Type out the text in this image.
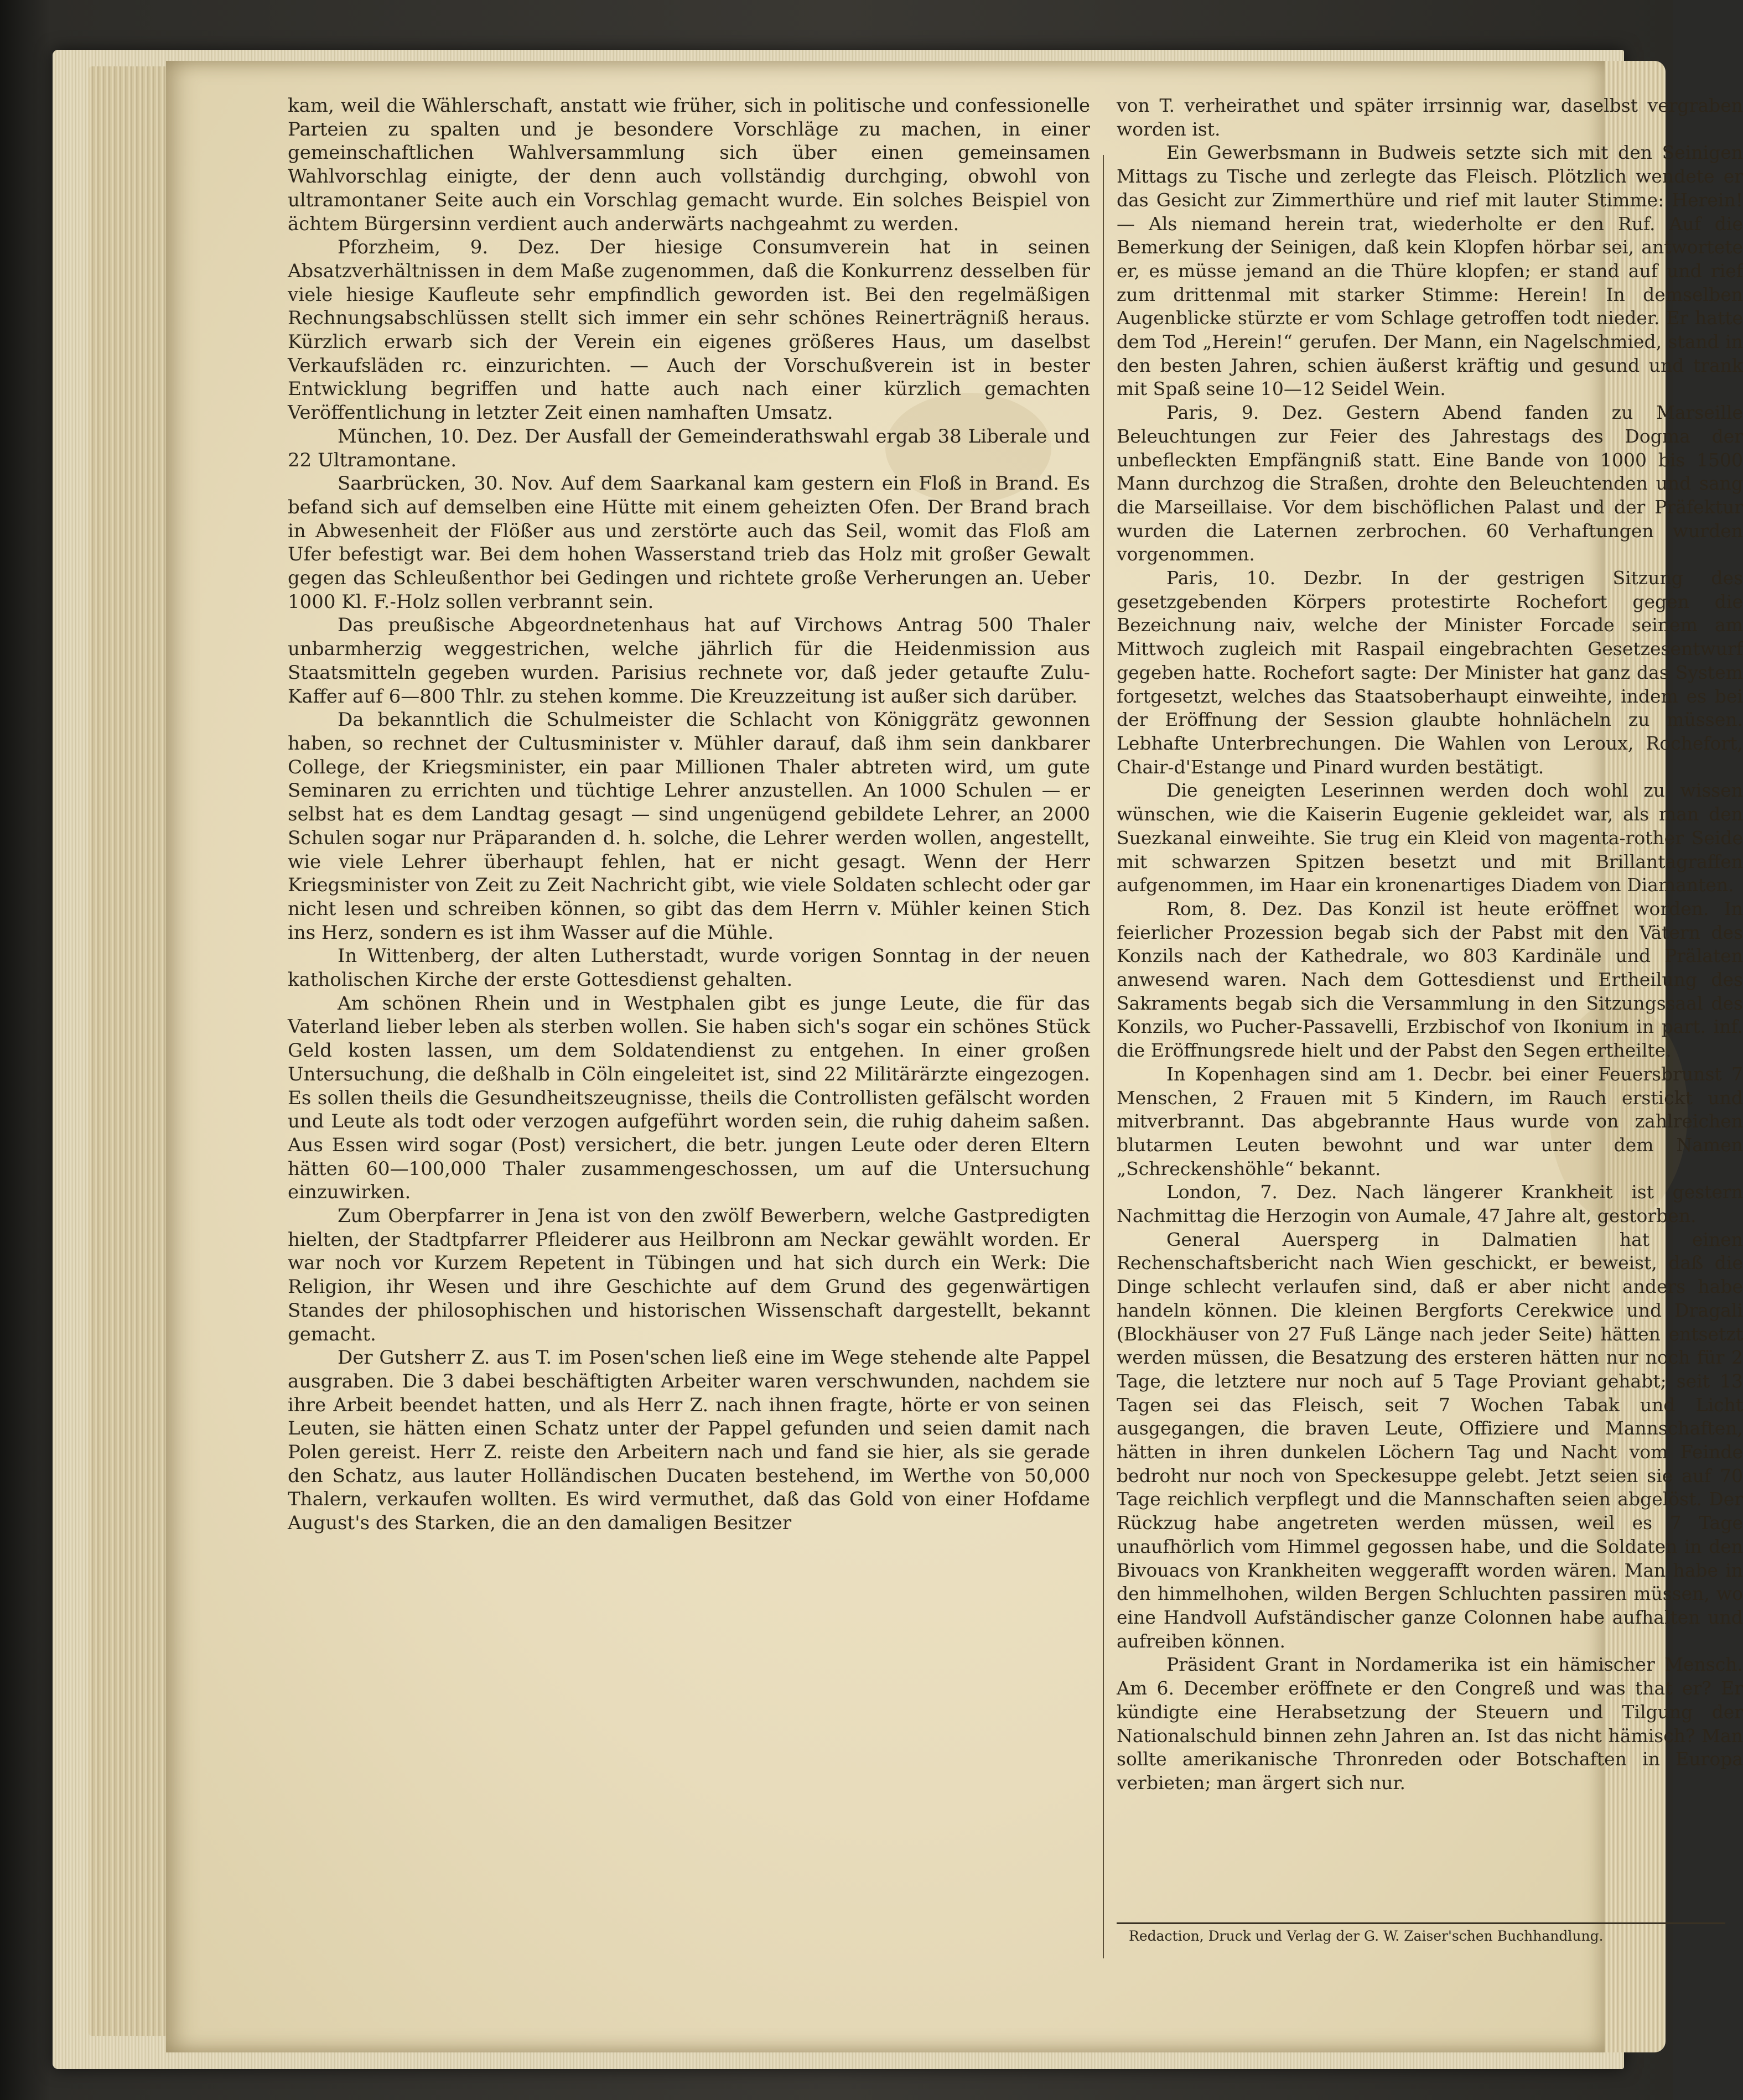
kam, weil die Wählerschaft, anstatt wie früher, sich in politische und confessionelle Parteien zu spalten und je besondere Vorschläge zu machen, in einer gemeinschaftlichen Wahlversammlung sich über einen gemeinsamen Wahlvorschlag einigte, der denn auch vollständig durchging, obwohl von ultramontaner Seite auch ein Vorschlag gemacht wurde. Ein solches Beispiel von ächtem Bürgersinn verdient auch anderwärts nachgeahmt zu werden.

Pforzheim, 9. Dez. Der hiesige Consumverein hat in seinen Absatzverhältnissen in dem Maße zugenommen, daß die Konkurrenz desselben für viele hiesige Kaufleute sehr empfindlich geworden ist. Bei den regelmäßigen Rechnungsabschlüssen stellt sich immer ein sehr schönes Reinerträgniß heraus. Kürzlich erwarb sich der Verein ein eigenes größeres Haus, um daselbst Verkaufsläden rc. einzurichten. — Auch der Vorschußverein ist in bester Entwicklung begriffen und hatte auch nach einer kürzlich gemachten Veröffentlichung in letzter Zeit einen namhaften Umsatz.

München, 10. Dez. Der Ausfall der Gemeinderathswahl ergab 38 Liberale und 22 Ultramontane.

Saarbrücken, 30. Nov. Auf dem Saarkanal kam gestern ein Floß in Brand. Es befand sich auf demselben eine Hütte mit einem geheizten Ofen. Der Brand brach in Abwesenheit der Flößer aus und zerstörte auch das Seil, womit das Floß am Ufer befestigt war. Bei dem hohen Wasserstand trieb das Holz mit großer Gewalt gegen das Schleußenthor bei Gedingen und richtete große Verherungen an. Ueber 1000 Kl. F.-Holz sollen verbrannt sein.

Das preußische Abgeordnetenhaus hat auf Virchows Antrag 500 Thaler unbarmherzig weggestrichen, welche jährlich für die Heidenmission aus Staatsmitteln gegeben wurden. Parisius rechnete vor, daß jeder getaufte Zulu-Kaffer auf 6—800 Thlr. zu stehen komme. Die Kreuzzeitung ist außer sich darüber.

Da bekanntlich die Schulmeister die Schlacht von Königgrätz gewonnen haben, so rechnet der Cultusminister v. Mühler darauf, daß ihm sein dankbarer College, der Kriegsminister, ein paar Millionen Thaler abtreten wird, um gute Seminaren zu errichten und tüchtige Lehrer anzustellen. An 1000 Schulen — er selbst hat es dem Landtag gesagt — sind ungenügend gebildete Lehrer, an 2000 Schulen sogar nur Präparanden d. h. solche, die Lehrer werden wollen, angestellt, wie viele Lehrer überhaupt fehlen, hat er nicht gesagt. Wenn der Herr Kriegsminister von Zeit zu Zeit Nachricht gibt, wie viele Soldaten schlecht oder gar nicht lesen und schreiben können, so gibt das dem Herrn v. Mühler keinen Stich ins Herz, sondern es ist ihm Wasser auf die Mühle.

In Wittenberg, der alten Lutherstadt, wurde vorigen Sonntag in der neuen katholischen Kirche der erste Gottesdienst gehalten.

Am schönen Rhein und in Westphalen gibt es junge Leute, die für das Vaterland lieber leben als sterben wollen. Sie haben sich's sogar ein schönes Stück Geld kosten lassen, um dem Soldatendienst zu entgehen. In einer großen Untersuchung, die deßhalb in Cöln eingeleitet ist, sind 22 Militärärzte eingezogen. Es sollen theils die Gesundheitszeugnisse, theils die Controllisten gefälscht worden und Leute als todt oder verzogen aufgeführt worden sein, die ruhig daheim saßen. Aus Essen wird sogar (Post) versichert, die betr. jungen Leute oder deren Eltern hätten 60—100,000 Thaler zusammengeschossen, um auf die Untersuchung einzuwirken.

Zum Oberpfarrer in Jena ist von den zwölf Bewerbern, welche Gastpredigten hielten, der Stadtpfarrer Pfleiderer aus Heilbronn am Neckar gewählt worden. Er war noch vor Kurzem Repetent in Tübingen und hat sich durch ein Werk: Die Religion, ihr Wesen und ihre Geschichte auf dem Grund des gegenwärtigen Standes der philosophischen und historischen Wissenschaft dargestellt, bekannt gemacht.

Der Gutsherr Z. aus T. im Posen'schen ließ eine im Wege stehende alte Pappel ausgraben. Die 3 dabei beschäftigten Arbeiter waren verschwunden, nachdem sie ihre Arbeit beendet hatten, und als Herr Z. nach ihnen fragte, hörte er von seinen Leuten, sie hätten einen Schatz unter der Pappel gefunden und seien damit nach Polen gereist. Herr Z. reiste den Arbeitern nach und fand sie hier, als sie gerade den Schatz, aus lauter Holländischen Ducaten bestehend, im Werthe von 50,000 Thalern, verkaufen wollten. Es wird vermuthet, daß das Gold von einer Hofdame August's des Starken, die an den damaligen Besitzer

von T. verheirathet und später irrsinnig war, daselbst vergraben worden ist.

Ein Gewerbsmann in Budweis setzte sich mit den Seinigen Mittags zu Tische und zerlegte das Fleisch. Plötzlich wendete er das Gesicht zur Zimmerthüre und rief mit lauter Stimme: Herein! — Als niemand herein trat, wiederholte er den Ruf. Auf die Bemerkung der Seinigen, daß kein Klopfen hörbar sei, antwortete er, es müsse jemand an die Thüre klopfen; er stand auf und rief zum drittenmal mit starker Stimme: Herein! In demselben Augenblicke stürzte er vom Schlage getroffen todt nieder. Er hatte dem Tod „Herein!“ gerufen. Der Mann, ein Nagelschmied, stand in den besten Jahren, schien äußerst kräftig und gesund und trank mit Spaß seine 10—12 Seidel Wein.

Paris, 9. Dez. Gestern Abend fanden zu Marseille Beleuchtungen zur Feier des Jahrestags des Dogma der unbefleckten Empfängniß statt. Eine Bande von 1000 bis 1500 Mann durchzog die Straßen, drohte den Beleuchtenden und sang die Marseillaise. Vor dem bischöflichen Palast und der Präfektur wurden die Laternen zerbrochen. 60 Verhaftungen wurden vorgenommen.

Paris, 10. Dezbr. In der gestrigen Sitzung des gesetzgebenden Körpers protestirte Rochefort gegen die Bezeichnung naiv, welche der Minister Forcade seinem am Mittwoch zugleich mit Raspail eingebrachten Gesetzesentwurf gegeben hatte. Rochefort sagte: Der Minister hat ganz das System fortgesetzt, welches das Staatsoberhaupt einweihte, indem es bei der Eröffnung der Session glaubte hohnlächeln zu müssen. Lebhafte Unterbrechungen. Die Wahlen von Leroux, Rochefort, Chair-d'Estange und Pinard wurden bestätigt.

Die geneigten Leserinnen werden doch wohl zu wissen wünschen, wie die Kaiserin Eugenie gekleidet war, als man den Suezkanal einweihte. Sie trug ein Kleid von magenta-rother Seide mit schwarzen Spitzen besetzt und mit Brillantagraffen aufgenommen, im Haar ein kronenartiges Diadem von Diamanten.

Rom, 8. Dez. Das Konzil ist heute eröffnet worden. In feierlicher Prozession begab sich der Pabst mit den Vätern des Konzils nach der Kathedrale, wo 803 Kardinäle und Prälaten anwesend waren. Nach dem Gottesdienst und Ertheilung des Sakraments begab sich die Versammlung in den Sitzungssaal des Konzils, wo Pucher-Passavelli, Erzbischof von Ikonium in part. inf. die Eröffnungsrede hielt und der Pabst den Segen ertheilte.

In Kopenhagen sind am 1. Decbr. bei einer Feuersbrunst 7 Menschen, 2 Frauen mit 5 Kindern, im Rauch erstickt und mitverbrannt. Das abgebrannte Haus wurde von zahlreichen blutarmen Leuten bewohnt und war unter dem Namen „Schreckenshöhle“ bekannt.

London, 7. Dez. Nach längerer Krankheit ist gestern Nachmittag die Herzogin von Aumale, 47 Jahre alt, gestorben.

General Auersperg in Dalmatien hat einen Rechenschaftsbericht nach Wien geschickt, er beweist, daß die Dinge schlecht verlaufen sind, daß er aber nicht anders habe handeln können. Die kleinen Bergforts Cerekwice und Dragali (Blockhäuser von 27 Fuß Länge nach jeder Seite) hätten entsetzt werden müssen, die Besatzung des ersteren hätten nur noch für 2 Tage, die letztere nur noch auf 5 Tage Proviant gehabt; seit 13 Tagen sei das Fleisch, seit 7 Wochen Tabak und Licht ausgegangen, die braven Leute, Offiziere und Mannschaften, hätten in ihren dunkelen Löchern Tag und Nacht vom Feinde bedroht nur noch von Speckesuppe gelebt. Jetzt seien sie auf 70 Tage reichlich verpflegt und die Mannschaften seien abgelöst. Der Rückzug habe angetreten werden müssen, weil es 7 Tage unaufhörlich vom Himmel gegossen habe, und die Soldaten in den Bivouacs von Krankheiten weggerafft worden wären. Man habe in den himmelhohen, wilden Bergen Schluchten passiren müssen, wo eine Handvoll Aufständischer ganze Colonnen habe aufhalten und aufreiben können.

Präsident Grant in Nordamerika ist ein hämischer Mensch. Am 6. December eröffnete er den Congreß und was that er? Er kündigte eine Herabsetzung der Steuern und Tilgung der Nationalschuld binnen zehn Jahren an. Ist das nicht hämisch? Man sollte amerikanische Thronreden oder Botschaften in Europa verbieten; man ärgert sich nur.

Redaction, Druck und Verlag der G. W. Zaiser'schen Buchhandlung.
